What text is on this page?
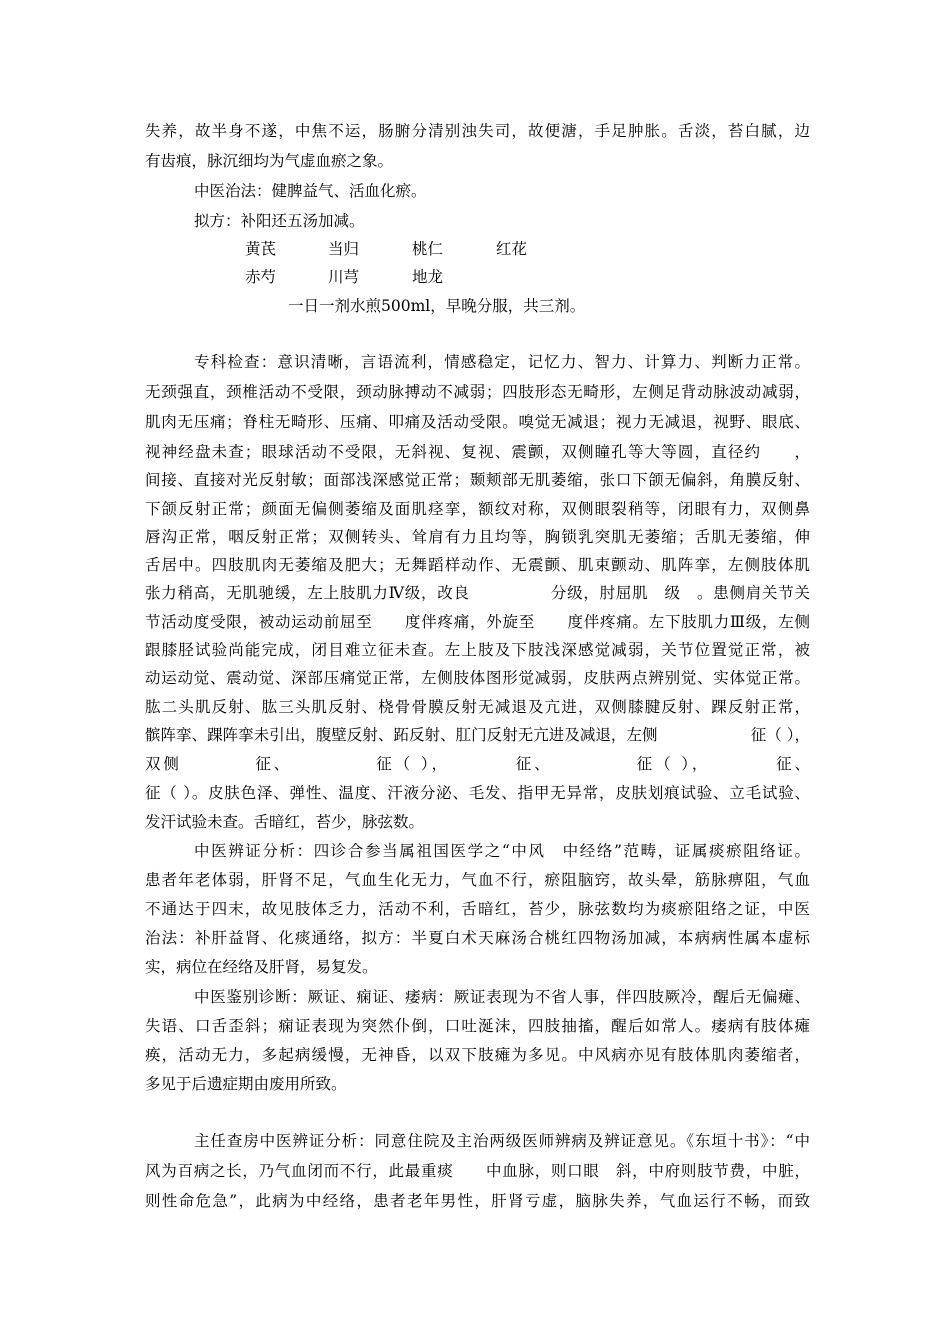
失养，故半身不遂，中焦不运，肠腑分清别浊失司，故便溏，手足肿胀。舌淡，苔白腻，边
有齿痕，脉沉细均为气虚血瘀之象。
中医治法：健脾益气、活血化瘀。
拟方：补阳还五汤加减。
黄芪	当归	桃仁	红花
赤芍	川芎	地龙
一日一剂水煎500ml，早晚分服，共三剂。
专科检查：意识清晰，言语流利，情感稳定，记忆力、智力、计算力、判断力正常。
无颈强直，颈椎活动不受限，颈动脉搏动不减弱；四肢形态无畸形，左侧足背动脉波动减弱，
肌肉无压痛；脊柱无畸形、压痛、叩痛及活动受限。嗅觉无减退；视力无减退，视野、眼底、
视神经盘未查；眼球活动不受限，无斜视、复视、震颤，双侧瞳孔等大等圆，直径约　　，
间接、直接对光反射敏；面部浅深感觉正常；颞颊部无肌萎缩，张口下颌无偏斜，角膜反射、
下颌反射正常；颜面无偏侧萎缩及面肌痉挛，额纹对称，双侧眼裂稍等，闭眼有力，双侧鼻
唇沟正常，咽反射正常；双侧转头、耸肩有力且均等，胸锁乳突肌无萎缩；舌肌无萎缩，伸
舌居中。四肢肌肉无萎缩及肥大；无舞蹈样动作、无震颤、肌束颤动、肌阵挛，左侧肢体肌
张力稍高，无肌驰缓，左上肢肌力Ⅳ级，改良　　　　　分级，肘屈肌　级　。患侧肩关节关
节活动度受限，被动运动前屈至　　度伴疼痛，外旋至　　度伴疼痛。左下肢肌力Ⅲ级，左侧
跟膝胫试验尚能完成，闭目难立征未查。左上肢及下肢浅深感觉减弱，关节位置觉正常，被
动运动觉、震动觉、深部压痛觉正常，左侧肢体图形觉减弱，皮肤两点辨别觉、实体觉正常。
肱二头肌反射、肱三头肌反射、桡骨骨膜反射无减退及亢进，双侧膝腱反射、踝反射正常，
髌阵挛、踝阵挛未引出，腹壁反射、跖反射、肛门反射无亢进及减退，左侧　　　　　　征（ ），
双侧　　　　征、　　　　　征（ ），　　　　征、　　　　　征（ ），　　　　征、
征（ ）。皮肤色泽、弹性、温度、汗液分泌、毛发、指甲无异常，皮肤划痕试验、立毛试验、
发汗试验未查。舌暗红，苔少，脉弦数。
中医辨证分析：四诊合参当属祖国医学之“中风　中经络”范畴，证属痰瘀阻络证。
患者年老体弱，肝肾不足，气血生化无力，气血不行，瘀阻脑窍，故头晕，筋脉痹阻，气血
不通达于四末，故见肢体乏力，活动不利，舌暗红，苔少，脉弦数均为痰瘀阻络之证，中医
治法：补肝益肾、化痰通络，拟方：半夏白术天麻汤合桃红四物汤加减，本病病性属本虚标
实，病位在经络及肝肾，易复发。
中医鉴别诊断：厥证、痫证、痿病：厥证表现为不省人事，伴四肢厥冷，醒后无偏瘫、
失语、口舌歪斜；痫证表现为突然仆倒，口吐涎沫，四肢抽搐，醒后如常人。痿病有肢体瘫
痪，活动无力，多起病缓慢，无神昏，以双下肢瘫为多见。中风病亦见有肢体肌肉萎缩者，
多见于后遗症期由废用所致。
主任查房中医辨证分析：同意住院及主治两级医师辨病及辨证意见。《东垣十书》：“中
风为百病之长，乃气血闭而不行，此最重痰　　中血脉，则口眼　斜，中府则肢节费，中脏，
则性命危急”，此病为中经络，患者老年男性，肝肾亏虚，脑脉失养，气血运行不畅，而致
